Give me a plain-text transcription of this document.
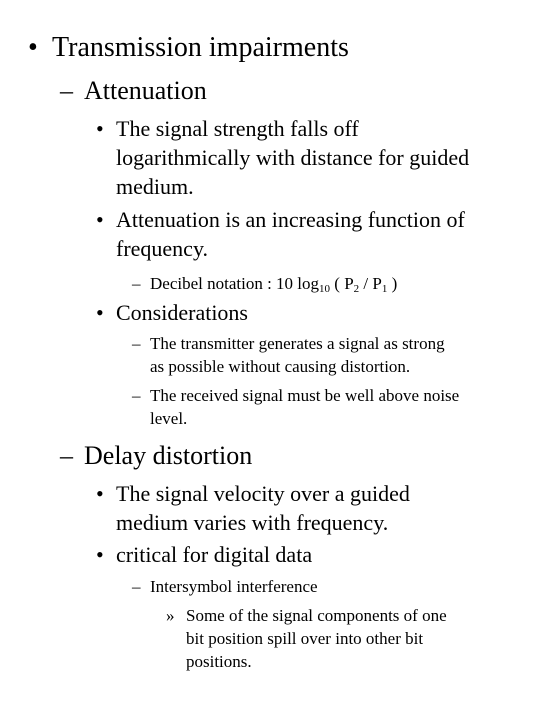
• Transmission impairments
– Attenuation
• The signal strength falls off
logarithmically with distance for guided
medium.
• Attenuation is an increasing function of
frequency.
– Decibel notation : 10 $\log_{10}$ ( $P_2 / P_1$ )
• Considerations
– The transmitter generates a signal as strong
as possible without causing distortion.
– The received signal must be well above noise
level.
– Delay distortion
• The signal velocity over a guided
medium varies with frequency.
• critical for digital data
– Intersymbol interference
» Some of the signal components of one
bit position spill over into other bit
positions.
